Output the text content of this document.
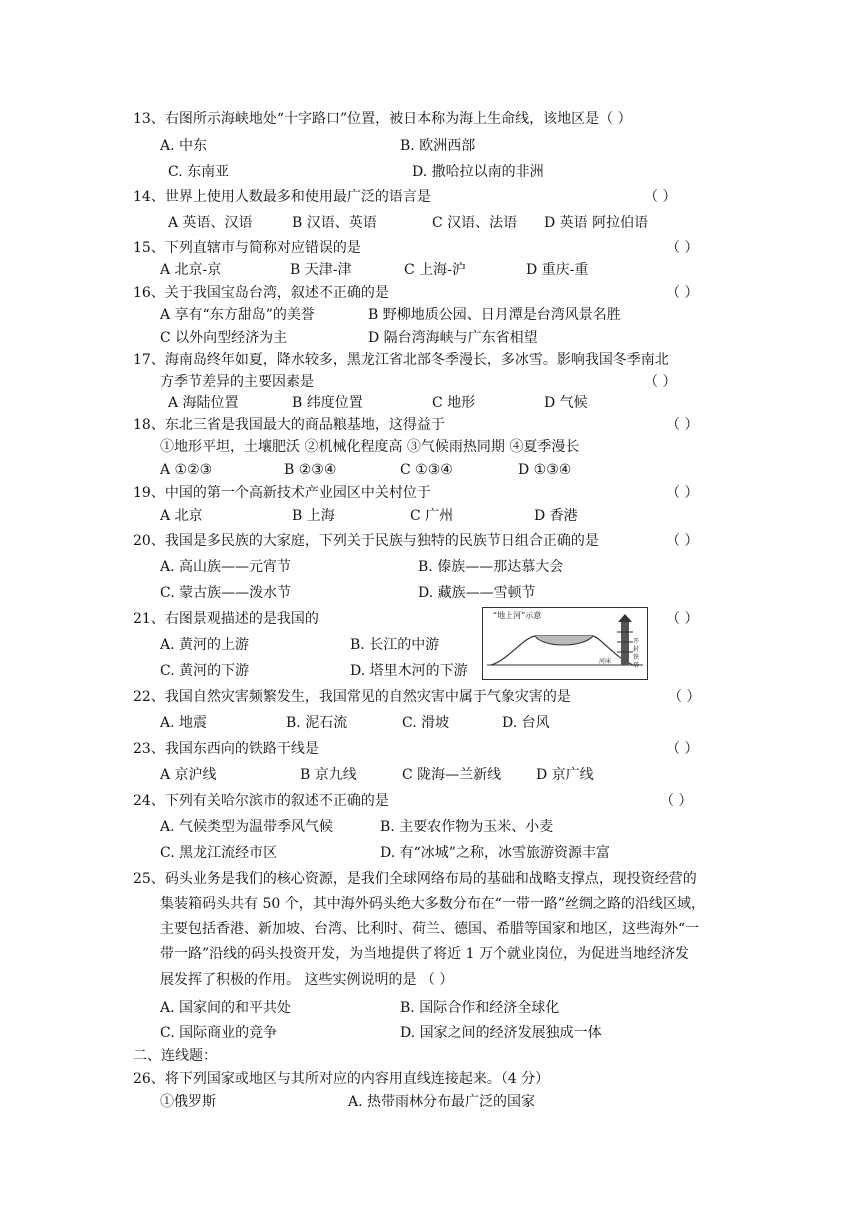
13、右图所示海峡地处“十字路口”位置，被日本称为海上生命线，该地区是（ ）
A. 中东	B. 欧洲西部
C. 东南亚	D. 撒哈拉以南的非洲
14、世界上使用人数最多和使用最广泛的语言是	（ ）
A 英语、汉语	B 汉语、英语	C 汉语、法语 D 英语 阿拉伯语
15、下列直辖市与简称对应错误的是	（ ）
A 北京-京	B 天津-津	C 上海-沪	D 重庆-重
16、关于我国宝岛台湾，叙述不正确的是	（ ）
A 享有“东方甜岛”的美誉	B 野柳地质公园、日月潭是台湾风景名胜
C 以外向型经济为主	D 隔台湾海峡与广东省相望
17、海南岛终年如夏，降水较多，黑龙江省北部冬季漫长，多冰雪。影响我国冬季南北
方季节差异的主要因素是	（ ）
A 海陆位置	B 纬度位置	C 地形	D 气候
18、东北三省是我国最大的商品粮基地，这得益于	（ ）
①地形平坦，土壤肥沃 ②机械化程度高 ③气候雨热同期 ④夏季漫长
A ①②③	B ②③④	C ①③④	D ①③④
19、中国的第一个高新技术产业园区中关村位于	（ ）
A 北京	B 上海	C 广州	D 香港
20、我国是多民族的大家庭，下列关于民族与独特的民族节日组合正确的是	（ ）
A. 高山族——元宵节	B. 傣族——那达慕大会
C. 蒙古族——泼水节	D. 藏族——雪顿节
21、右图景观描述的是我国的	（ ）
A. 黄河的上游	B. 长江的中游
C. 黄河的下游	D. 塔里木河的下游
22、我国自然灾害频繁发生，我国常见的自然灾害中属于气象灾害的是	（ ）
A. 地震	B. 泥石流	C. 滑坡	D. 台风
23、我国东西向的铁路干线是	（ ）
A 京沪线	B 京九线	C 陇海—兰新线 D 京广线
24、下列有关哈尔滨市的叙述不正确的是	（ ）
A. 气候类型为温带季风气候	B. 主要农作物为玉米、小麦
C. 黑龙江流经市区	D. 有“冰城”之称，冰雪旅游资源丰富
25、码头业务是我们的核心资源，是我们全球网络布局的基础和战略支撑点，现投资经营的
集装箱码头共有 50 个，其中海外码头绝大多数分布在“一带一路”丝绸之路的沿线区域，
主要包括香港、新加坡、台湾、比利时、荷兰、德国、希腊等国家和地区，这些海外“一
带一路”沿线的码头投资开发，为当地提供了将近 1 万个就业岗位，为促进当地经济发
展发挥了积极的作用。 这些实例说明的是 （ ）
A. 国家间的和平共处	B. 国际合作和经济全球化
C. 国际商业的竞争	D. 国家之间的经济发展独成一体
二、连线题：
26、将下列国家或地区与其所对应的内容用直线连接起来。（4 分）
①俄罗斯	A. 热带雨林分布最广泛的国家
“地上河”示意
河床
开封铁塔
